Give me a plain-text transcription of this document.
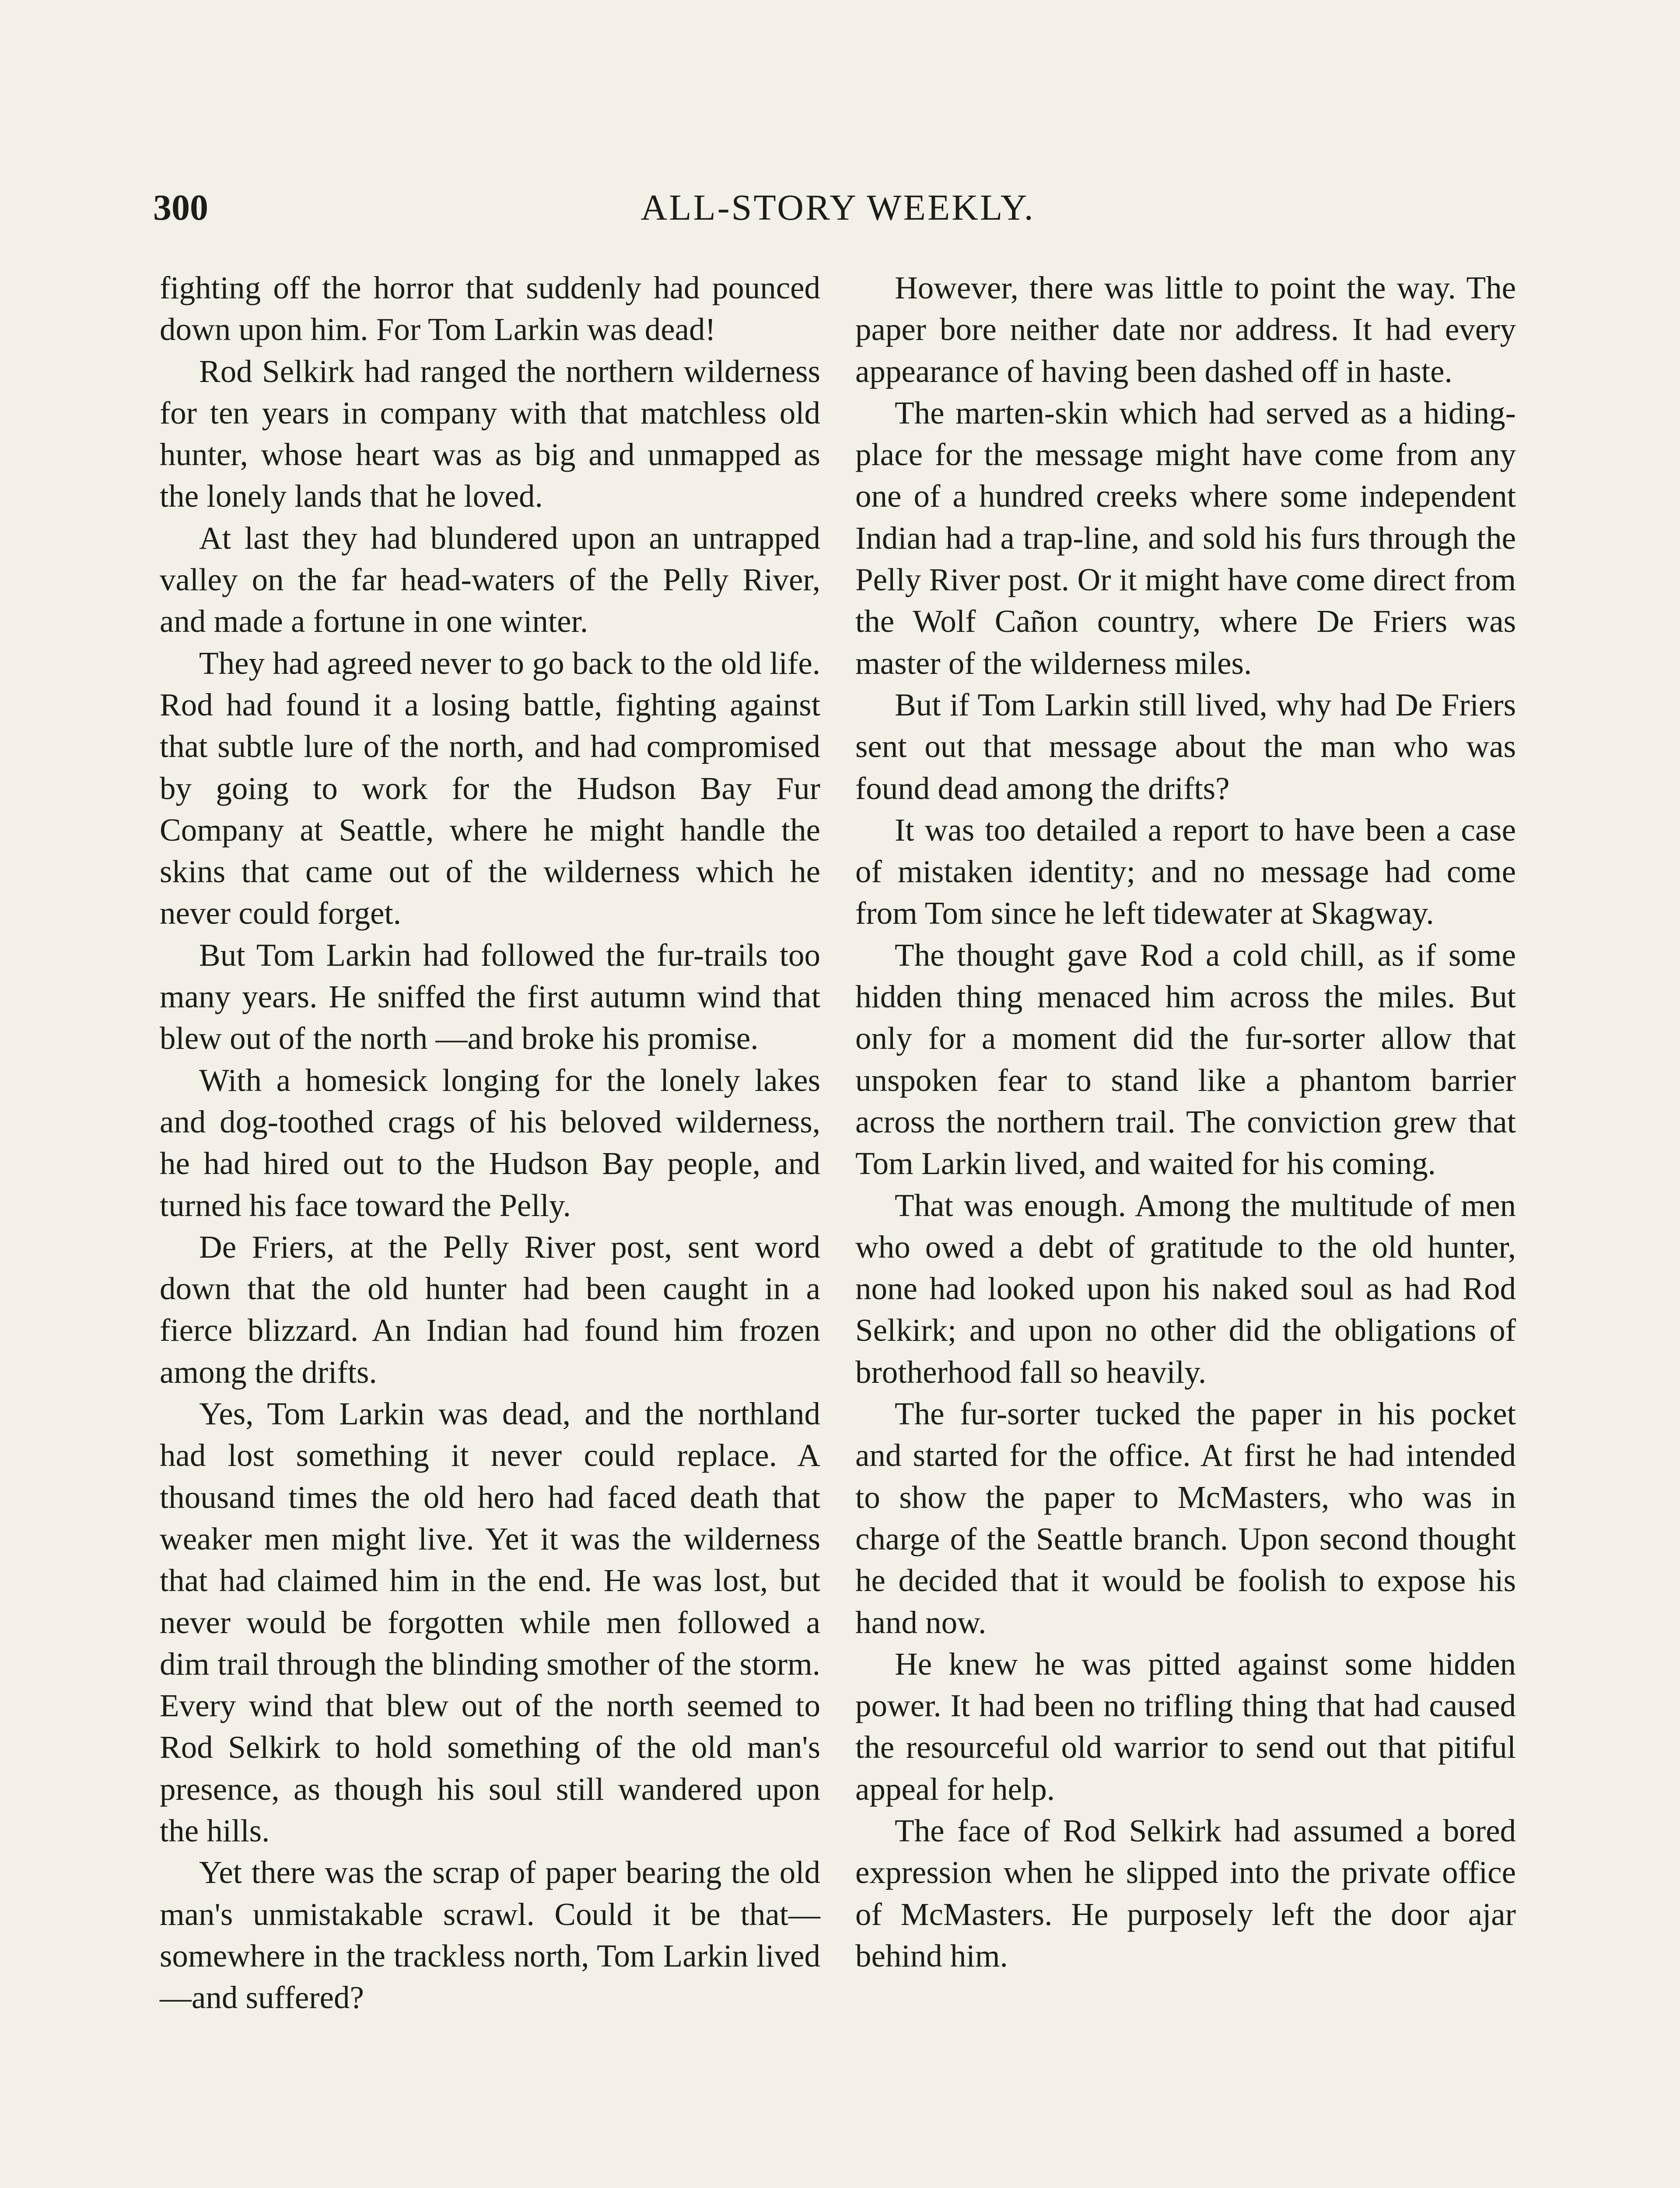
300	ALL-STORY WEEKLY.

fighting off the horror that suddenly had pounced down upon him. For Tom Larkin was dead!

Rod Selkirk had ranged the northern wilderness for ten years in company with that matchless old hunter, whose heart was as big and unmapped as the lonely lands that he loved.

At last they had blundered upon an untrapped valley on the far head-waters of the Pelly River, and made a fortune in one winter.

They had agreed never to go back to the old life. Rod had found it a losing battle, fighting against that subtle lure of the north, and had compromised by going to work for the Hudson Bay Fur Company at Seattle, where he might handle the skins that came out of the wilderness which he never could forget.

But Tom Larkin had followed the fur-trails too many years. He sniffed the first autumn wind that blew out of the north —and broke his promise.

With a homesick longing for the lonely lakes and dog-toothed crags of his beloved wilderness, he had hired out to the Hudson Bay people, and turned his face toward the Pelly.

De Friers, at the Pelly River post, sent word down that the old hunter had been caught in a fierce blizzard. An Indian had found him frozen among the drifts.

Yes, Tom Larkin was dead, and the northland had lost something it never could replace. A thousand times the old hero had faced death that weaker men might live. Yet it was the wilderness that had claimed him in the end. He was lost, but never would be forgotten while men followed a dim trail through the blinding smother of the storm. Every wind that blew out of the north seemed to Rod Selkirk to hold something of the old man's presence, as though his soul still wandered upon the hills.

Yet there was the scrap of paper bearing the old man's unmistakable scrawl. Could it be that—somewhere in the trackless north, Tom Larkin lived—and suffered?

However, there was little to point the way. The paper bore neither date nor address. It had every appearance of having been dashed off in haste.

The marten-skin which had served as a hiding-place for the message might have come from any one of a hundred creeks where some independent Indian had a trap-line, and sold his furs through the Pelly River post. Or it might have come direct from the Wolf Cañon country, where De Friers was master of the wilderness miles.

But if Tom Larkin still lived, why had De Friers sent out that message about the man who was found dead among the drifts?

It was too detailed a report to have been a case of mistaken identity; and no message had come from Tom since he left tidewater at Skagway.

The thought gave Rod a cold chill, as if some hidden thing menaced him across the miles. But only for a moment did the fur-sorter allow that unspoken fear to stand like a phantom barrier across the northern trail. The conviction grew that Tom Larkin lived, and waited for his coming.

That was enough. Among the multitude of men who owed a debt of gratitude to the old hunter, none had looked upon his naked soul as had Rod Selkirk; and upon no other did the obligations of brotherhood fall so heavily.

The fur-sorter tucked the paper in his pocket and started for the office. At first he had intended to show the paper to McMasters, who was in charge of the Seattle branch. Upon second thought he decided that it would be foolish to expose his hand now.

He knew he was pitted against some hidden power. It had been no trifling thing that had caused the resourceful old warrior to send out that pitiful appeal for help.

The face of Rod Selkirk had assumed a bored expression when he slipped into the private office of McMasters. He purposely left the door ajar behind him.
